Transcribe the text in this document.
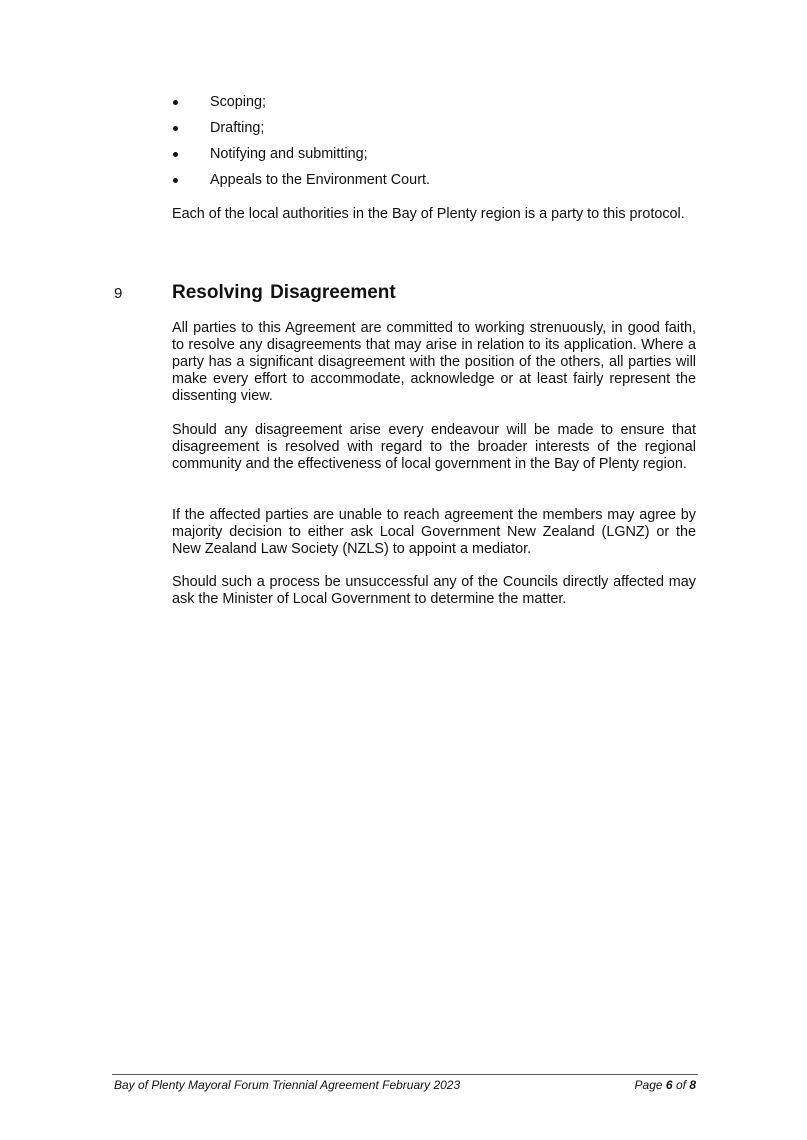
Scoping;
Drafting;
Notifying and submitting;
Appeals to the Environment Court.

Each of the local authorities in the Bay of Plenty region is a party to this protocol.

9	Resolving Disagreement

All parties to this Agreement are committed to working strenuously, in good faith, to resolve any disagreements that may arise in relation to its application. Where a party has a significant disagreement with the position of the others, all parties will make every effort to accommodate, acknowledge or at least fairly represent the dissenting view.

Should any disagreement arise every endeavour will be made to ensure that disagreement is resolved with regard to the broader interests of the regional community and the effectiveness of local government in the Bay of Plenty region.

If the affected parties are unable to reach agreement the members may agree by majority decision to either ask Local Government New Zealand (LGNZ) or the New Zealand Law Society (NZLS) to appoint a mediator.

Should such a process be unsuccessful any of the Councils directly affected may ask the Minister of Local Government to determine the matter.

Bay of Plenty Mayoral Forum Triennial Agreement February 2023	Page 6 of 8
